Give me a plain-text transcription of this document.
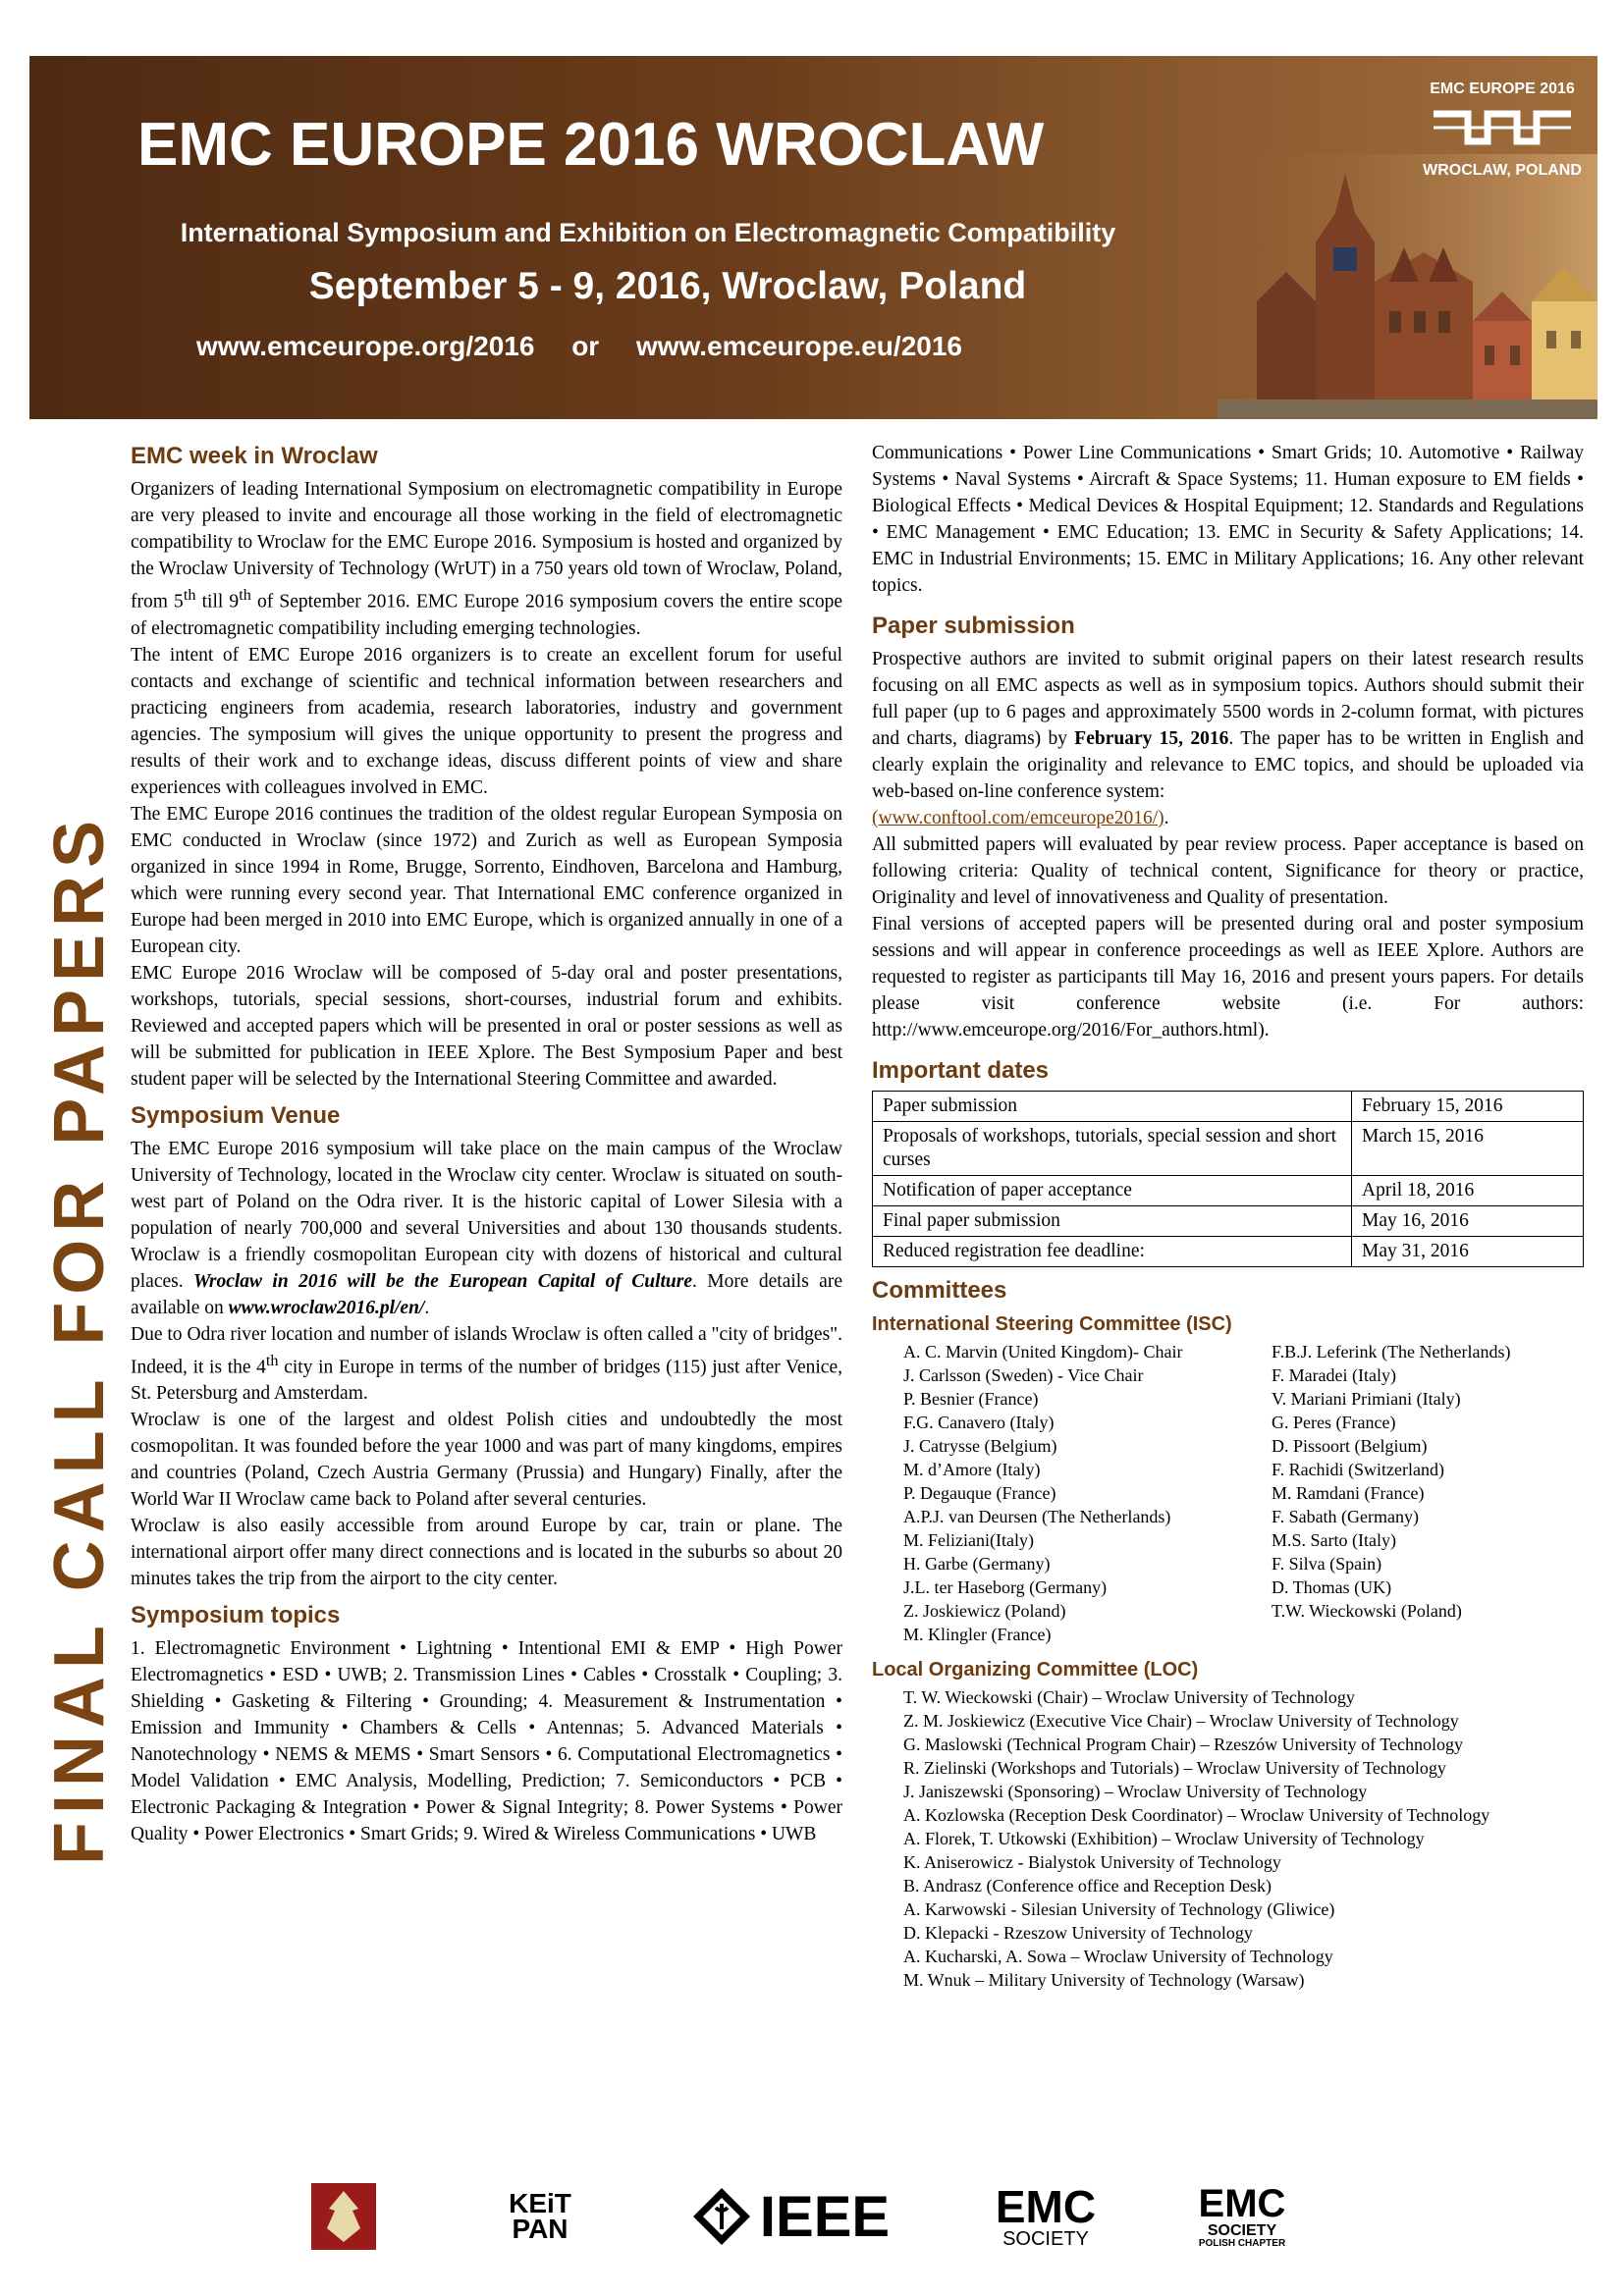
EMC EUROPE 2016 WROCLAW
International Symposium and Exhibition on Electromagnetic Compatibility
September 5 - 9, 2016, Wroclaw, Poland
www.emceurope.org/2016 or www.emceurope.eu/2016
EMC EUROPE 2016
WROCLAW, POLAND
FINAL CALL FOR PAPERS
EMC week in Wroclaw

Organizers of leading International Symposium on electromagnetic compatibility in Europe are very pleased to invite and encourage all those working in the field of electromagnetic compatibility to Wroclaw for the EMC Europe 2016. Symposium is hosted and organized by the Wroclaw University of Technology (WrUT) in a 750 years old town of Wroclaw, Poland, from 5th till 9th of September 2016. EMC Europe 2016 symposium covers the entire scope of electromagnetic compatibility including emerging technologies.

The intent of EMC Europe 2016 organizers is to create an excellent forum for useful contacts and exchange of scientific and technical information between researchers and practicing engineers from academia, research laboratories, industry and government agencies. The symposium will gives the unique opportunity to present the progress and results of their work and to exchange ideas, discuss different points of view and share experiences with colleagues involved in EMC.

The EMC Europe 2016 continues the tradition of the oldest regular European Symposia on EMC conducted in Wroclaw (since 1972) and Zurich as well as European Symposia organized in since 1994 in Rome, Brugge, Sorrento, Eindhoven, Barcelona and Hamburg, which were running every second year. That International EMC conference organized in Europe had been merged in 2010 into EMC Europe, which is organized annually in one of a European city.

EMC Europe 2016 Wroclaw will be composed of 5-day oral and poster presentations, workshops, tutorials, special sessions, short-courses, industrial forum and exhibits. Reviewed and accepted papers which will be presented in oral or poster sessions as well as will be submitted for publication in IEEE Xplore. The Best Symposium Paper and best student paper will be selected by the International Steering Committee and awarded.

Symposium Venue

The EMC Europe 2016 symposium will take place on the main campus of the Wroclaw University of Technology, located in the Wroclaw city center. Wroclaw is situated on south-west part of Poland on the Odra river. It is the historic capital of Lower Silesia with a population of nearly 700,000 and several Universities and about 130 thousands students. Wroclaw is a friendly cosmopolitan European city with dozens of historical and cultural places. Wroclaw in 2016 will be the European Capital of Culture. More details are available on www.wroclaw2016.pl/en/.

Due to Odra river location and number of islands Wroclaw is often called a "city of bridges". Indeed, it is the 4th city in Europe in terms of the number of bridges (115) just after Venice, St. Petersburg and Amsterdam.

Wroclaw is one of the largest and oldest Polish cities and undoubtedly the most cosmopolitan. It was founded before the year 1000 and was part of many kingdoms, empires and countries (Poland, Czech Austria Germany (Prussia) and Hungary) Finally, after the World War II Wroclaw came back to Poland after several centuries.

Wroclaw is also easily accessible from around Europe by car, train or plane. The international airport offer many direct connections and is located in the suburbs so about 20 minutes takes the trip from the airport to the city center.

Symposium topics

1. Electromagnetic Environment • Lightning • Intentional EMI & EMP • High Power Electromagnetics • ESD • UWB; 2. Transmission Lines • Cables • Crosstalk • Coupling; 3. Shielding • Gasketing & Filtering • Grounding; 4. Measurement & Instrumentation • Emission and Immunity • Chambers & Cells • Antennas; 5. Advanced Materials • Nanotechnology • NEMS & MEMS • Smart Sensors • 6. Computational Electromagnetics • Model Validation • EMC Analysis, Modelling, Prediction; 7. Semiconductors • PCB • Electronic Packaging & Integration • Power & Signal Integrity; 8. Power Systems • Power Quality • Power Electronics • Smart Grids; 9. Wired & Wireless Communications • UWB

Communications • Power Line Communications • Smart Grids; 10. Automotive • Railway Systems • Naval Systems • Aircraft & Space Systems; 11. Human exposure to EM fields • Biological Effects • Medical Devices & Hospital Equipment; 12. Standards and Regulations • EMC Management • EMC Education; 13. EMC in Security & Safety Applications; 14. EMC in Industrial Environments; 15. EMC in Military Applications; 16. Any other relevant topics.

Paper submission

Prospective authors are invited to submit original papers on their latest research results focusing on all EMC aspects as well as in symposium topics. Authors should submit their full paper (up to 6 pages and approximately 5500 words in 2-column format, with pictures and charts, diagrams) by February 15, 2016. The paper has to be written in English and clearly explain the originality and relevance to EMC topics, and should be uploaded via web-based on-line conference system:
(www.conftool.com/emceurope2016/).

All submitted papers will evaluated by pear review process. Paper acceptance is based on following criteria: Quality of technical content, Significance for theory or practice, Originality and level of innovativeness and Quality of presentation.

Final versions of accepted papers will be presented during oral and poster symposium sessions and will appear in conference proceedings as well as IEEE Xplore. Authors are requested to register as participants till May 16, 2016 and present yours papers. For details please visit conference website (i.e. For authors: http://www.emceurope.org/2016/For_authors.html).

Important dates
Paper submission	February 15, 2016
Proposals of workshops, tutorials, special session and short curses	March 15, 2016
Notification of paper acceptance	April 18, 2016
Final paper submission	May 16, 2016
Reduced registration fee deadline:	May 31, 2016
Committees
International Steering Committee (ISC)
A. C. Marvin (United Kingdom)- Chair
J. Carlsson (Sweden) - Vice Chair
P. Besnier (France)
F.G. Canavero (Italy)
J. Catrysse (Belgium)
M. d’Amore (Italy)
P. Degauque (France)
A.P.J. van Deursen (The Netherlands)
M. Feliziani(Italy)
H. Garbe (Germany)
J.L. ter Haseborg (Germany)
Z. Joskiewicz (Poland)
M. Klingler (France)
F.B.J. Leferink (The Netherlands)
F. Maradei (Italy)
V. Mariani Primiani (Italy)
G. Peres (France)
D. Pissoort (Belgium)
F. Rachidi (Switzerland)
M. Ramdani (France)
F. Sabath (Germany)
M.S. Sarto (Italy)
F. Silva (Spain)
D. Thomas (UK)
T.W. Wieckowski (Poland)
Local Organizing Committee (LOC)
T. W. Wieckowski (Chair) – Wroclaw University of Technology
Z. M. Joskiewicz (Executive Vice Chair) – Wroclaw University of Technology
G. Maslowski (Technical Program Chair) – Rzeszów University of Technology
R. Zielinski (Workshops and Tutorials) – Wroclaw University of Technology
J. Janiszewski (Sponsoring) – Wroclaw University of Technology
A. Kozlowska (Reception Desk Coordinator) – Wroclaw University of Technology
A. Florek, T. Utkowski (Exhibition) – Wroclaw University of Technology
K. Aniserowicz - Bialystok University of Technology
B. Andrasz (Conference office and Reception Desk)
A. Karwowski - Silesian University of Technology (Gliwice)
D. Klepacki - Rzeszow University of Technology
A. Kucharski, A. Sowa – Wroclaw University of Technology
M. Wnuk – Military University of Technology (Warsaw)
KEiT PAN	IEEE EMC
SOCIETY
EMC
SOCIETY
POLISH CHAPTER
